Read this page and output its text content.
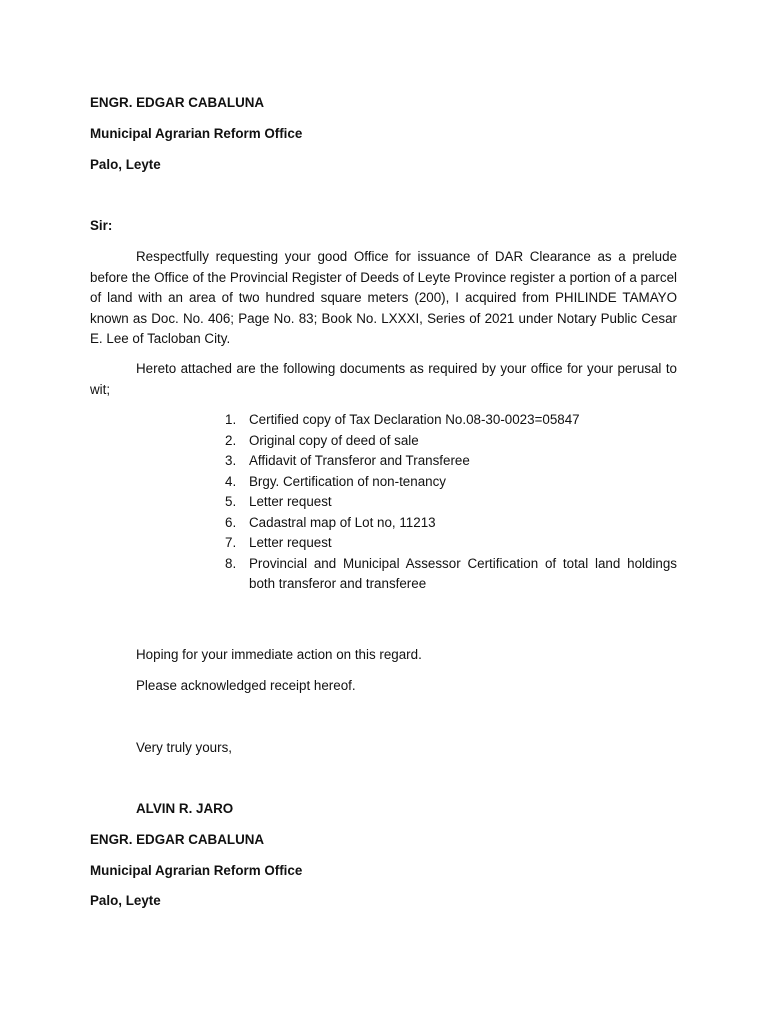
ENGR. EDGAR CABALUNA
Municipal Agrarian Reform Office
Palo, Leyte
Sir:

Respectfully requesting your good Office for issuance of DAR Clearance as a prelude before the Office of the Provincial Register of Deeds of Leyte Province register a portion of a parcel of land with an area of two hundred square meters (200), I acquired from PHILINDE TAMAYO known as Doc. No. 406; Page No. 83; Book No. LXXXI, Series of 2021 under Notary Public Cesar E. Lee of Tacloban City.

Hereto attached are the following documents as required by your office for your perusal to wit;

1. Certified copy of Tax Declaration No.08-30-0023=05847
2. Original copy of deed of sale
3. Affidavit of Transferor and Transferee
4. Brgy. Certification of non-tenancy
5. Letter request
6. Cadastral map of Lot no, 11213
7. Letter request
8. Provincial and Municipal Assessor Certification of total land holdings both transferor and transferee
Hoping for your immediate action on this regard.
Please acknowledged receipt hereof.
Very truly yours,
ALVIN R. JARO
ENGR. EDGAR CABALUNA
Municipal Agrarian Reform Office
Palo, Leyte
